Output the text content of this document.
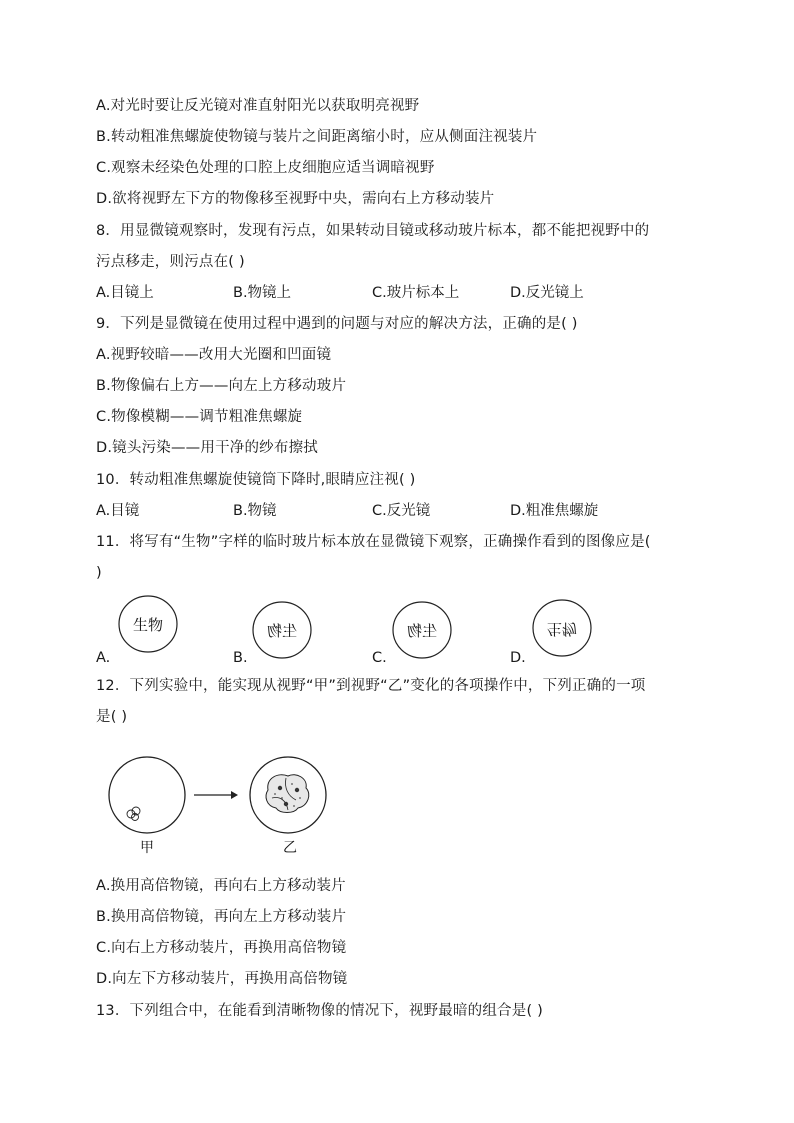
A.对光时要让反光镜对准直射阳光以获取明亮视野
B.转动粗准焦螺旋使物镜与装片之间距离缩小时，应从侧面注视装片
C.观察未经染色处理的口腔上皮细胞应适当调暗视野
D.欲将视野左下方的物像移至视野中央，需向右上方移动装片
8．用显微镜观察时，发现有污点，如果转动目镜或移动玻片标本，都不能把视野中的
污点移走，则污点在( )
A.目镜上	B.物镜上	C.玻片标本上	D.反光镜上
9．下列是显微镜在使用过程中遇到的问题与对应的解决方法，正确的是( )
A.视野较暗——改用大光圈和凹面镜
B.物像偏右上方——向左上方移动玻片
C.物像模糊——调节粗准焦螺旋
D.镜头污染——用干净的纱布擦拭
10．转动粗准焦螺旋使镜筒下降时,眼睛应注视( )
A.目镜	B.物镜	C.反光镜	D.粗准焦螺旋
11．将写有“生物”字样的临时玻片标本放在显微镜下观察，正确操作看到的图像应是(
)
A.	B.	C.	D.
生物	生物	生物	生物
12．下列实验中，能实现从视野“甲”到视野“乙”变化的各项操作中，下列正确的一项
是( )
甲	乙
A.换用高倍物镜，再向右上方移动装片
B.换用高倍物镜，再向左上方移动装片
C.向右上方移动装片，再换用高倍物镜
D.向左下方移动装片，再换用高倍物镜
13．下列组合中，在能看到清晰物像的情况下，视野最暗的组合是( )
